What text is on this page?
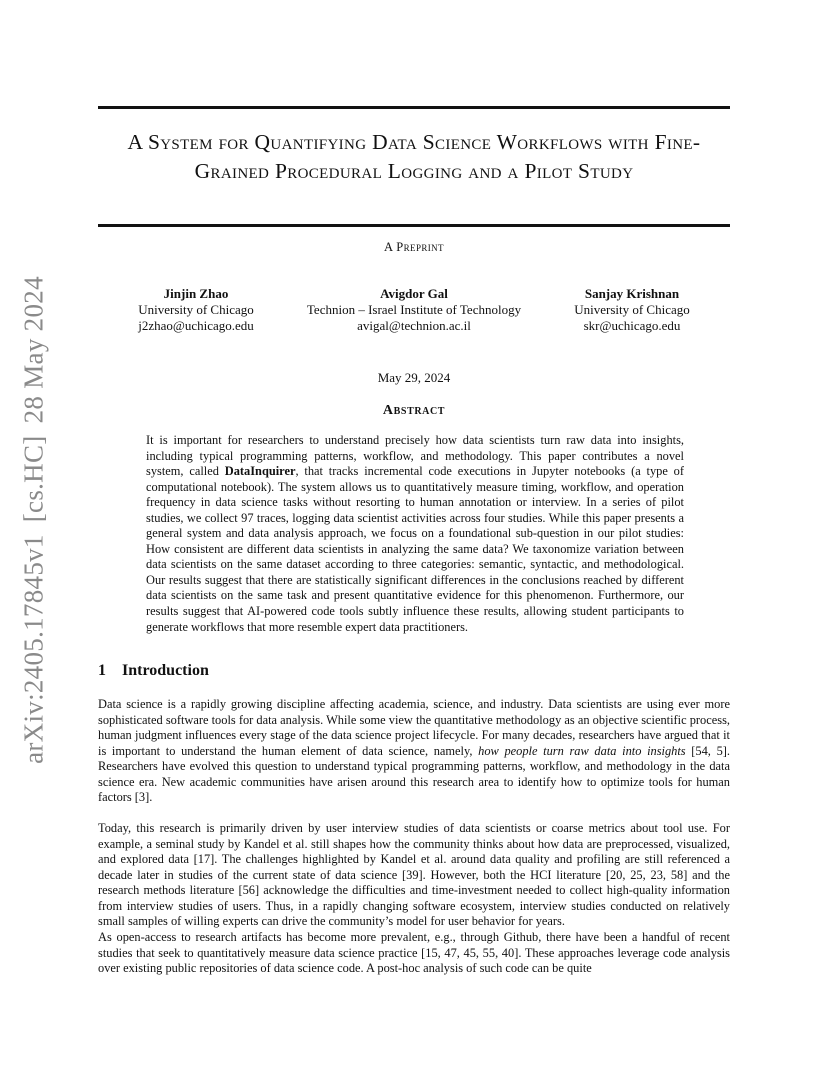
arXiv:2405.17845v1[cs.HC]28 May 2024
A System for Quantifying Data Science Workflows with Fine-Grained Procedural Logging and a Pilot Study
A Preprint
Jinjin Zhao
University of Chicago
j2zhao@uchicago.edu
Avigdor Gal
Technion – Israel Institute of Technology
avigal@technion.ac.il
Sanjay Krishnan
University of Chicago
skr@uchicago.edu
May 29, 2024
Abstract

It is important for researchers to understand precisely how data scientists turn raw data into insights, including typical programming patterns, workflow, and methodology. This paper contributes a novel system, called DataInquirer, that tracks incremental code executions in Jupyter notebooks (a type of computational notebook). The system allows us to quantitatively measure timing, workflow, and operation frequency in data science tasks without resorting to human annotation or interview. In a series of pilot studies, we collect 97 traces, logging data scientist activities across four studies. While this paper presents a general system and data analysis approach, we focus on a foundational sub-question in our pilot studies: How consistent are different data scientists in analyzing the same data? We taxonomize variation between data scientists on the same dataset according to three categories: semantic, syntactic, and methodological. Our results suggest that there are statistically significant differences in the conclusions reached by different data scientists on the same task and present quantitative evidence for this phenomenon. Furthermore, our results suggest that AI-powered code tools subtly influence these results, allowing student participants to generate workflows that more resemble expert data practitioners.

1 Introduction

Data science is a rapidly growing discipline affecting academia, science, and industry. Data scientists are using ever more sophisticated software tools for data analysis. While some view the quantitative methodology as an objective scientific process, human judgment influences every stage of the data science project lifecycle. For many decades, researchers have argued that it is important to understand the human element of data science, namely, how people turn raw data into insights [54, 5]. Researchers have evolved this question to understand typical programming patterns, workflow, and methodology in the data science era. New academic communities have arisen around this research area to identify how to optimize tools for human factors [3].

Today, this research is primarily driven by user interview studies of data scientists or coarse metrics about tool use. For example, a seminal study by Kandel et al. still shapes how the community thinks about how data are preprocessed, visualized, and explored data [17]. The challenges highlighted by Kandel et al. around data quality and profiling are still referenced a decade later in studies of the current state of data science [39]. However, both the HCI literature [20, 25, 23, 58] and the research methods literature [56] acknowledge the difficulties and time-investment needed to collect high-quality information from interview studies of users. Thus, in a rapidly changing software ecosystem, interview studies conducted on relatively small samples of willing experts can drive the community’s model for user behavior for years.

As open-access to research artifacts has become more prevalent, e.g., through Github, there have been a handful of recent studies that seek to quantitatively measure data science practice [15, 47, 45, 55, 40]. These approaches leverage code analysis over existing public repositories of data science code. A post-hoc analysis of such code can be quite
